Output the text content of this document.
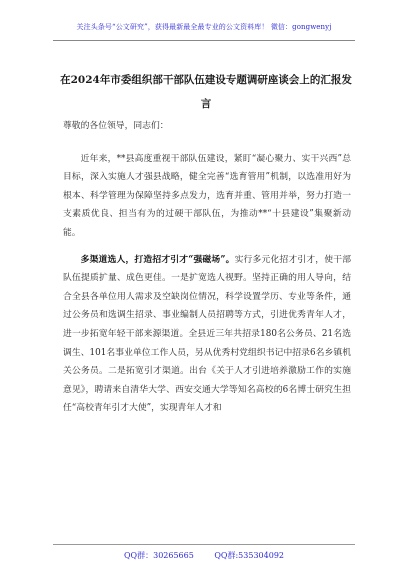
关注头条号“公文研究”，获得最新最全最专业的公文资料库！ 微信：gongwenyj
在2024年市委组织部干部队伍建设专题调研座谈会上的汇报发言

尊敬的各位领导，同志们：

近年来，**县高度重视干部队伍建设，紧盯“凝心聚力、实干兴西”总目标，深入实施人才强县战略，健全完善“选育管用”机制，以选准用好为根本、科学管理为保障坚持多点发力，选育并重、管用并举，努力打造一支素质优良、担当有为的过硬干部队伍，为推动**“十县建设”集聚新动能。

多渠道选人，打造招才引才“强磁场”。实行多元化招才引才，使干部队伍提质扩量、成色更佳。一是扩宽选人视野。坚持正确的用人导向，结合全县各单位用人需求及空缺岗位情况，科学设置学历、专业等条件，通过公务员和选调生招录、事业编制人员招聘等方式，引进优秀青年人才，进一步拓宽年轻干部来源渠道。全县近三年共招录180名公务员、21名选调生、101名事业单位工作人员，另从优秀村党组织书记中招录6名乡镇机关公务员。二是拓宽引才渠道。出台《关于人才引进培养激励工作的实施意见》，聘请来自清华大学、西安交通大学等知名高校的6名博士研究生担任“高校青年引才大使”，实现青年人才和

QQ群：30265665	QQ群:535304092
